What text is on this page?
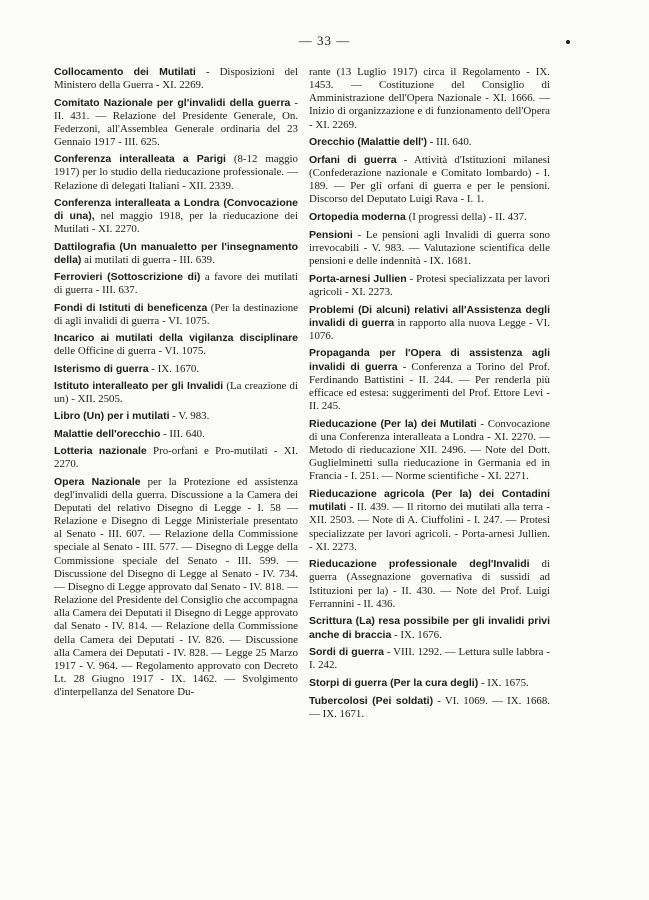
— 33 —

Collocamento dei Mutilati - Disposizioni del Ministero della Guerra - XI. 2269.

Comitato Nazionale per gl'invalidi della guerra - II. 431. — Relazione del Presidente Generale, On. Federzoni, all'Assemblea Generale ordinaria del 23 Gennaio 1917 - III. 625.

Conferenza interalleata a Parigi (8-12 maggio 1917) per lo studio della rieducazione professionale. — Relazione di delegati Italiani - XII. 2339.

Conferenza interalleata a Londra (Convocazione di una), nel maggio 1918, per la rieducazione dei Mutilati - XI. 2270.

Dattilografia (Un manualetto per l'insegnamento della) ai mutilati di guerra - III. 639.

Ferrovieri (Sottoscrizione di) a favore dei mutilati di guerra - III. 637.

Fondi di Istituti di beneficenza (Per la destinazione di agli invalidi di guerra - VI. 1075.

Incarico ai mutilati della vigilanza disciplinare delle Officine di guerra - VI. 1075.

Isterismo di guerra - IX. 1670.

Istituto interalleato per gli Invalidi (La creazione di un) - XII. 2505.

Libro (Un) per i mutilati - V. 983.

Malattie dell'orecchio - III. 640.

Lotteria nazionale Pro-orfani e Pro-mutilati - XI. 2270.

Opera Nazionale per la Protezione ed assistenza degl'invalidi della guerra. Discussione a la Camera dei Deputati del relativo Disegno di Legge - I. 58 — Relazione e Disegno di Legge Ministeriale presentato al Senato - III. 607. — Relazione della Commissione speciale al Senato - III. 577. — Disegno di Legge della Commissione speciale del Senato - III. 599. — Discussione del Disegno di Legge al Senato - IV. 734. — Disegno di Legge approvato dal Senato - IV. 818. — Relazione del Presidente del Consiglio che accompagna alla Camera dei Deputati il Disegno di Legge approvato dal Senato - IV. 814. — Relazione della Commissione della Camera dei Deputati - IV. 826. — Discussione alla Camera dei Deputati - IV. 828. — Legge 25 Marzo 1917 - V. 964. — Regolamento approvato con Decreto Lt. 28 Giugno 1917 - IX. 1462. — Svolgimento d'interpellanza del Senatore Du-

rante (13 Luglio 1917) circa il Regolamento - IX. 1453. — Costituzione del Consiglio di Amministrazione dell'Opera Nazionale - XI. 1666. — Inizio di organizzazione e di funzionamento dell'Opera - XI. 2269.

Orecchio (Malattie dell') - III. 640.

Orfani di guerra - Attività d'Istituzioni milanesi (Confederazione nazionale e Comitato lombardo) - I. 189. — Per gli orfani di guerra e per le pensioni. Discorso del Deputato Luigi Rava - I. 1.

Ortopedia moderna (I progressi della) - II. 437.

Pensioni - Le pensioni agli Invalidi di guerra sono irrevocabili - V. 983. — Valutazione scientifica delle pensioni e delle indennità - IX. 1681.

Porta-arnesi Jullien - Protesi specializzata per lavori agricoli - XI. 2273.

Problemi (Di alcuni) relativi all'Assistenza degli invalidi di guerra in rapporto alla nuova Legge - VI. 1076.

Propaganda per l'Opera di assistenza agli invalidi di guerra - Conferenza a Torino del Prof. Ferdinando Battistini - II. 244. — Per renderla più efficace ed estesa: suggerimenti del Prof. Ettore Levi - II. 245.

Rieducazione (Per la) dei Mutilati - Convocazione di una Conferenza interalleata a Londra - XI. 2270. — Metodo di rieducazione XII. 2496. — Note del Dott. Guglielminetti sulla rieducazione in Germania ed in Francia - I. 251. — Norme scientifiche - XI. 2271.

Rieducazione agricola (Per la) dei Contadini mutilati - II. 439. — Il ritorno dei mutilati alla terra - XII. 2503. — Note di A. Ciuffolini - I. 247. — Protesi specializzate per lavori agricoli. - Porta-arnesi Jullien. - XI. 2273.

Rieducazione professionale degl'Invalidi di guerra (Assegnazione governativa di sussidi ad Istituzioni per la) - II. 430. — Note del Prof. Luigi Ferrannini - II. 436.

Scrittura (La) resa possibile per gli invalidi privi anche di braccia - IX. 1676.

Sordi di guerra - VIII. 1292. — Lettura sulle labbra - I. 242.

Storpi di guerra (Per la cura degli) - IX. 1675.

Tubercolosi (Pei soldati) - VI. 1069. — IX. 1668. — IX. 1671.
